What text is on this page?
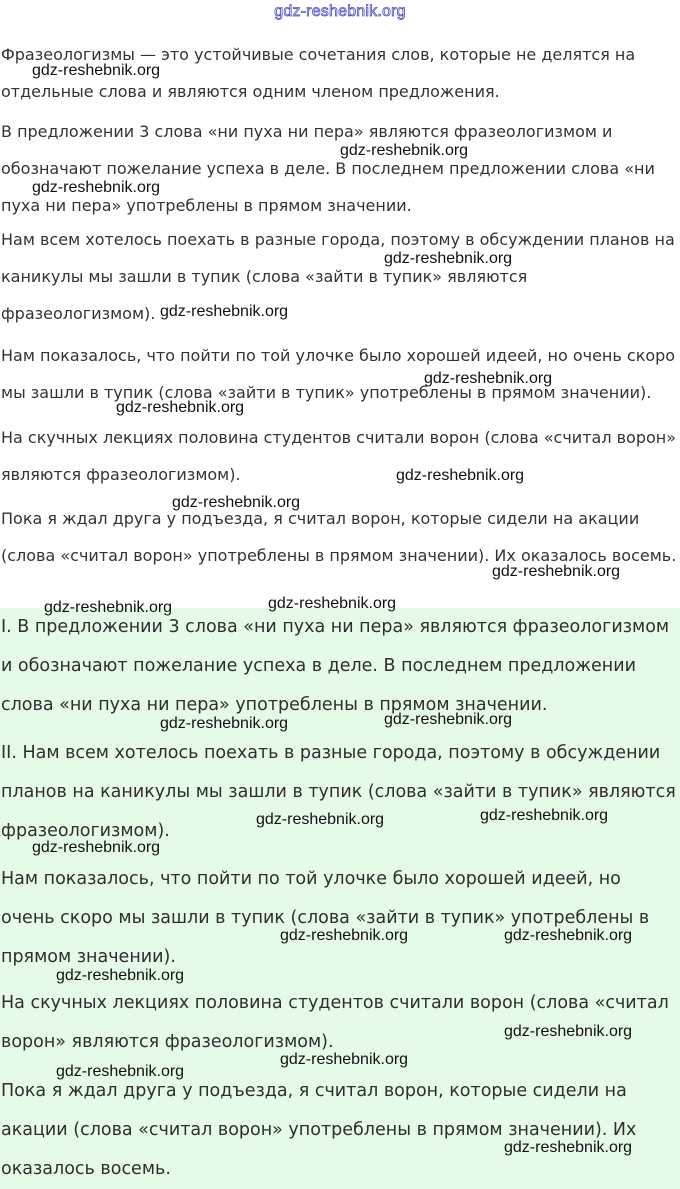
gdz-reshebnik.org

Фразеологизмы — это устойчивые сочетания слов, которые не делятся на отдельные слова и являются одним членом предложения.

В предложении 3 слова «ни пуха ни пера» являются фразеологизмом и обозначают пожелание успеха в деле. В последнем предложении слова «ни пуха ни пера» употреблены в прямом значении.

Нам всем хотелось поехать в разные города, поэтому в обсуждении планов на каникулы мы зашли в тупик (слова «зайти в тупик» являются фразеологизмом).

Нам показалось, что пойти по той улочке было хорошей идеей, но очень скоро мы зашли в тупик (слова «зайти в тупик» употреблены в прямом значении).

На скучных лекциях половина студентов считали ворон (слова «считал ворон» являются фразеологизмом).

Пока я ждал друга у подъезда, я считал ворон, которые сидели на акации (слова «считал ворон» употреблены в прямом значении). Их оказалось восемь.

I. В предложении 3 слова «ни пуха ни пера» являются фразеологизмом и обозначают пожелание успеха в деле. В последнем предложении слова «ни пуха ни пера» употреблены в прямом значении.

II. Нам всем хотелось поехать в разные города, поэтому в обсуждении планов на каникулы мы зашли в тупик (слова «зайти в тупик» являются фразеологизмом).

Нам показалось, что пойти по той улочке было хорошей идеей, но очень скоро мы зашли в тупик (слова «зайти в тупик» употреблены в прямом значении).

На скучных лекциях половина студентов считали ворон (слова «считал ворон» являются фразеологизмом).

Пока я ждал друга у подъезда, я считал ворон, которые сидели на акации (слова «считал ворон» употреблены в прямом значении). Их оказалось восемь.

gdz-reshebnik.org
gdz-reshebnik.org
gdz-reshebnik.org
gdz-reshebnik.org
gdz-reshebnik.org
gdz-reshebnik.org
gdz-reshebnik.org
gdz-reshebnik.org
gdz-reshebnik.org
gdz-reshebnik.org
gdz-reshebnik.org	gdz-reshebnik.org
gdz-reshebnik.org	gdz-reshebnik.org
gdz-reshebnik.org	gdz-reshebnik.org
gdz-reshebnik.org
gdz-reshebnik.org	gdz-reshebnik.org
gdz-reshebnik.org
gdz-reshebnik.org
gdz-reshebnik.org
gdz-reshebnik.org
gdz-reshebnik.org
